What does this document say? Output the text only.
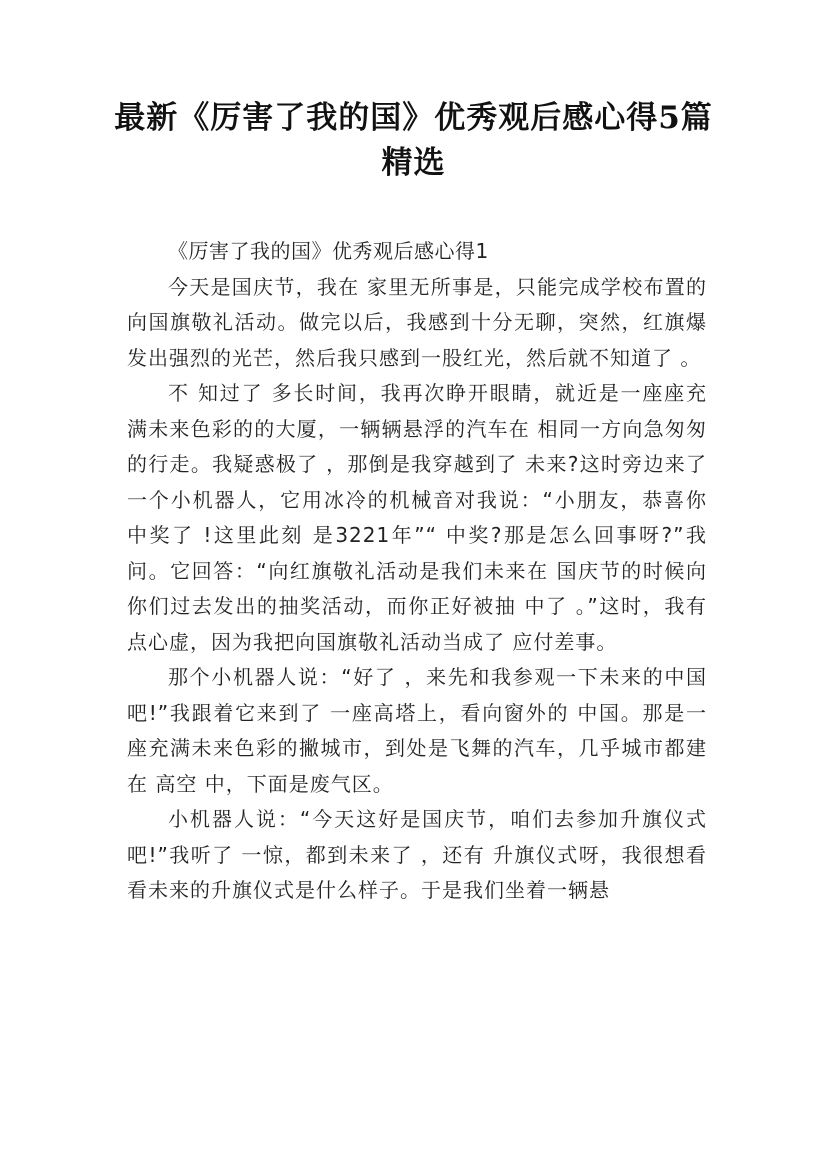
最新《厉害了我的国》优秀观后感心得5篇精选

《厉害了我的国》优秀观后感心得1

今天是国庆节，我在 家里无所事是，只能完成学校布置的向国旗敬礼活动。做完以后，我感到十分无聊，突然，红旗爆发出强烈的光芒，然后我只感到一股红光，然后就不知道了 。

不 知过了 多长时间，我再次睁开眼睛，就近是一座座充满未来色彩的的大厦，一辆辆悬浮的汽车在 相同一方向急匆匆的行走。我疑惑极了 ，那倒是我穿越到了 未来?这时旁边来了 一个小机器人，它用冰冷的机械音对我说：“小朋友，恭喜你 中奖了 !这里此刻 是3221年”“ 中奖?那是怎么回事呀?”我问。它回答：“向红旗敬礼活动是我们未来在 国庆节的时候向你们过去发出的抽奖活动，而你正好被抽 中了 。”这时，我有 点心虚，因为我把向国旗敬礼活动当成了 应付差事。

那个小机器人说：“好了 ，来先和我参观一下未来的中国吧!”我跟着它来到了 一座高塔上，看向窗外的 中国。那是一座充满未来色彩的撇城市，到处是飞舞的汽车，几乎城市都建在 高空 中，下面是废气区。

小机器人说：“今天这好是国庆节，咱们去参加升旗仪式吧!”我听了 一惊，都到未来了 ，还有 升旗仪式呀，我很想看看未来的升旗仪式是什么样子。于是我们坐着一辆悬
